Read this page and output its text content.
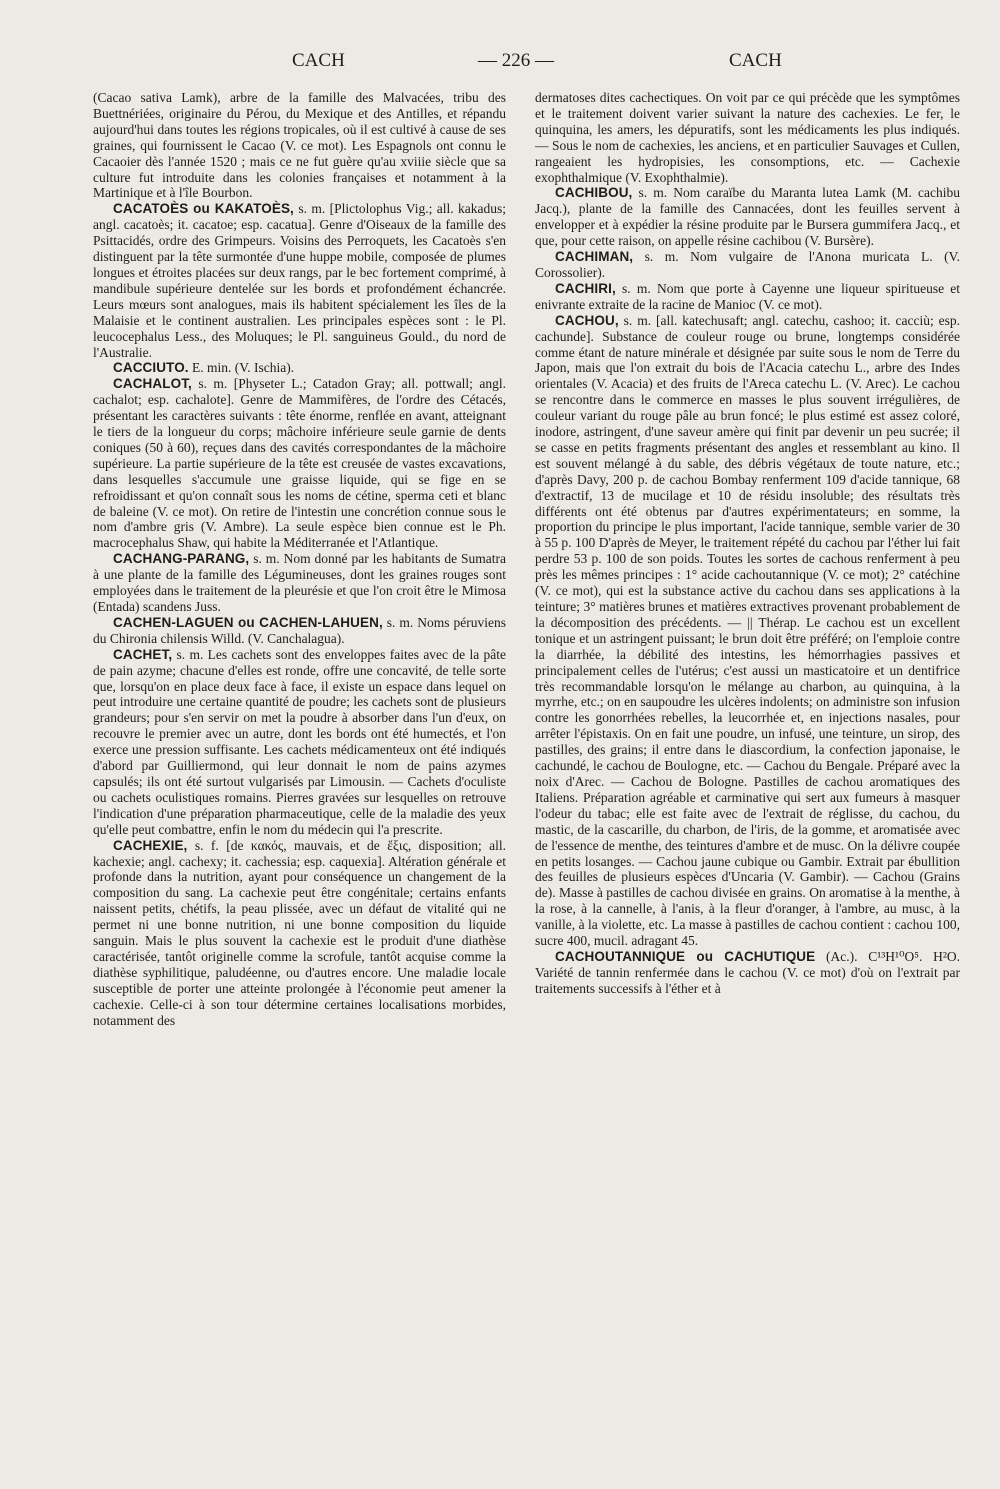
CACH	— 226 —	CACH

(Cacao sativa Lamk), arbre de la famille des Malvacées, tribu des Buettnériées, originaire du Pérou, du Mexique et des Antilles, et répandu aujourd'hui dans toutes les régions tropicales, où il est cultivé à cause de ses graines, qui fournissent le Cacao (V. ce mot). Les Espagnols ont connu le Cacaoier dès l'année 1520 ; mais ce ne fut guère qu'au xviiie siècle que sa culture fut introduite dans les colonies françaises et notamment à la Martinique et à l'île Bourbon.

CACATOÈS ou KAKATOÈS, s. m. [Plictolophus Vig.; all. kakadus; angl. cacatoès; it. cacatoe; esp. cacatua]. Genre d'Oiseaux de la famille des Psittacidés, ordre des Grimpeurs. Voisins des Perroquets, les Cacatoès s'en distinguent par la tête surmontée d'une huppe mobile, composée de plumes longues et étroites placées sur deux rangs, par le bec fortement comprimé, à mandibule supérieure dentelée sur les bords et profondément échancrée. Leurs mœurs sont analogues, mais ils habitent spécialement les îles de la Malaisie et le continent australien. Les principales espèces sont : le Pl. leucocephalus Less., des Moluques; le Pl. sanguineus Gould., du nord de l'Australie.

CACCIUTO. E. min. (V. Ischia).

CACHALOT, s. m. [Physeter L.; Catadon Gray; all. pottwall; angl. cachalot; esp. cachalote]. Genre de Mammifères, de l'ordre des Cétacés, présentant les caractères suivants : tête énorme, renflée en avant, atteignant le tiers de la longueur du corps; mâchoire inférieure seule garnie de dents coniques (50 à 60), reçues dans des cavités correspondantes de la mâchoire supérieure. La partie supérieure de la tête est creusée de vastes excavations, dans lesquelles s'accumule une graisse liquide, qui se fige en se refroidissant et qu'on connaît sous les noms de cétine, sperma ceti et blanc de baleine (V. ce mot). On retire de l'intestin une concrétion connue sous le nom d'ambre gris (V. Ambre). La seule espèce bien connue est le Ph. macrocephalus Shaw, qui habite la Méditerranée et l'Atlantique.

CACHANG-PARANG, s. m. Nom donné par les habitants de Sumatra à une plante de la famille des Légumineuses, dont les graines rouges sont employées dans le traitement de la pleurésie et que l'on croit être le Mimosa (Entada) scandens Juss.

CACHEN-LAGUEN ou CACHEN-LAHUEN, s. m. Noms péruviens du Chironia chilensis Willd. (V. Canchalagua).

CACHET, s. m. Les cachets sont des enveloppes faites avec de la pâte de pain azyme; chacune d'elles est ronde, offre une concavité, de telle sorte que, lorsqu'on en place deux face à face, il existe un espace dans lequel on peut introduire une certaine quantité de poudre; les cachets sont de plusieurs grandeurs; pour s'en servir on met la poudre à absorber dans l'un d'eux, on recouvre le premier avec un autre, dont les bords ont été humectés, et l'on exerce une pression suffisante. Les cachets médicamenteux ont été indiqués d'abord par Guilliermond, qui leur donnait le nom de pains azymes capsulés; ils ont été surtout vulgarisés par Limousin. — Cachets d'oculiste ou cachets oculistiques romains. Pierres gravées sur lesquelles on retrouve l'indication d'une préparation pharmaceutique, celle de la maladie des yeux qu'elle peut combattre, enfin le nom du médecin qui l'a prescrite.

CACHEXIE, s. f. [de κακός, mauvais, et de ἕξις, disposition; all. kachexie; angl. cachexy; it. cachessia; esp. caquexia]. Altération générale et profonde dans la nutrition, ayant pour conséquence un changement de la composition du sang. La cachexie peut être congénitale; certains enfants naissent petits, chétifs, la peau plissée, avec un défaut de vitalité qui ne permet ni une bonne nutrition, ni une bonne composition du liquide sanguin. Mais le plus souvent la cachexie est le produit d'une diathèse caractérisée, tantôt originelle comme la scrofule, tantôt acquise comme la diathèse syphilitique, paludéenne, ou d'autres encore. Une maladie locale susceptible de porter une atteinte prolongée à l'économie peut amener la cachexie. Celle-ci à son tour détermine certaines localisations morbides, notamment des

dermatoses dites cachectiques. On voit par ce qui précède que les symptômes et le traitement doivent varier suivant la nature des cachexies. Le fer, le quinquina, les amers, les dépuratifs, sont les médicaments les plus indiqués. — Sous le nom de cachexies, les anciens, et en particulier Sauvages et Cullen, rangeaient les hydropisies, les consomptions, etc. — Cachexie exophthalmique (V. Exophthalmie).

CACHIBOU, s. m. Nom caraïbe du Maranta lutea Lamk (M. cachibu Jacq.), plante de la famille des Cannacées, dont les feuilles servent à envelopper et à expédier la résine produite par le Bursera gummifera Jacq., et que, pour cette raison, on appelle résine cachibou (V. Bursère).

CACHIMAN, s. m. Nom vulgaire de l'Anona muricata L. (V. Corossolier).

CACHIRI, s. m. Nom que porte à Cayenne une liqueur spiritueuse et enivrante extraite de la racine de Manioc (V. ce mot).

CACHOU, s. m. [all. katechusaft; angl. catechu, cashoo; it. cacciù; esp. cachunde]. Substance de couleur rouge ou brune, longtemps considérée comme étant de nature minérale et désignée par suite sous le nom de Terre du Japon, mais que l'on extrait du bois de l'Acacia catechu L., arbre des Indes orientales (V. Acacia) et des fruits de l'Areca catechu L. (V. Arec). Le cachou se rencontre dans le commerce en masses le plus souvent irrégulières, de couleur variant du rouge pâle au brun foncé; le plus estimé est assez coloré, inodore, astringent, d'une saveur amère qui finit par devenir un peu sucrée; il se casse en petits fragments présentant des angles et ressemblant au kino. Il est souvent mélangé à du sable, des débris végétaux de toute nature, etc.; d'après Davy, 200 p. de cachou Bombay renferment 109 d'acide tannique, 68 d'extractif, 13 de mucilage et 10 de résidu insoluble; des résultats très différents ont été obtenus par d'autres expérimentateurs; en somme, la proportion du principe le plus important, l'acide tannique, semble varier de 30 à 55 p. 100 D'après de Meyer, le traitement répété du cachou par l'éther lui fait perdre 53 p. 100 de son poids. Toutes les sortes de cachous renferment à peu près les mêmes principes : 1° acide cachoutannique (V. ce mot); 2° catéchine (V. ce mot), qui est la substance active du cachou dans ses applications à la teinture; 3° matières brunes et matières extractives provenant probablement de la décomposition des précédents. — || Thérap. Le cachou est un excellent tonique et un astringent puissant; le brun doit être préféré; on l'emploie contre la diarrhée, la débilité des intestins, les hémorrhagies passives et principalement celles de l'utérus; c'est aussi un masticatoire et un dentifrice très recommandable lorsqu'on le mélange au charbon, au quinquina, à la myrrhe, etc.; on en saupoudre les ulcères indolents; on administre son infusion contre les gonorrhées rebelles, la leucorrhée et, en injections nasales, pour arrêter l'épistaxis. On en fait une poudre, un infusé, une teinture, un sirop, des pastilles, des grains; il entre dans le diascordium, la confection japonaise, le cachundé, le cachou de Boulogne, etc. — Cachou du Bengale. Préparé avec la noix d'Arec. — Cachou de Bologne. Pastilles de cachou aromatiques des Italiens. Préparation agréable et carminative qui sert aux fumeurs à masquer l'odeur du tabac; elle est faite avec de l'extrait de réglisse, du cachou, du mastic, de la cascarille, du charbon, de l'iris, de la gomme, et aromatisée avec de l'essence de menthe, des teintures d'ambre et de musc. On la délivre coupée en petits losanges. — Cachou jaune cubique ou Gambir. Extrait par ébullition des feuilles de plusieurs espèces d'Uncaria (V. Gambir). — Cachou (Grains de). Masse à pastilles de cachou divisée en grains. On aromatise à la menthe, à la rose, à la cannelle, à l'anis, à la fleur d'oranger, à l'ambre, au musc, à la vanille, à la violette, etc. La masse à pastilles de cachou contient : cachou 100, sucre 400, mucil. adragant 45.

CACHOUTANNIQUE ou CACHUTIQUE (Ac.). C¹³H¹⁰O⁵. H²O. Variété de tannin renfermée dans le cachou (V. ce mot) d'où on l'extrait par traitements successifs à l'éther et à
